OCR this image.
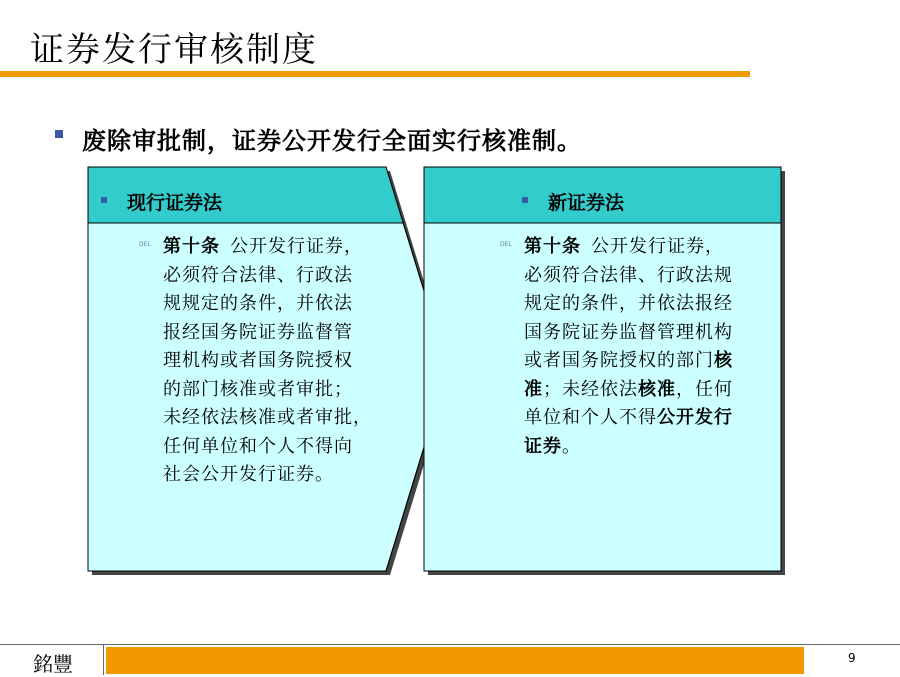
证券发行审核制度
废除审批制，证券公开发行全面实行核准制。
现行证券法
DEL 第十条  公开发行证券，
必须符合法律、行政法
规规定的条件，并依法
报经国务院证券监督管
理机构或者国务院授权
的部门核准或者审批；
未经依法核准或者审批，
任何单位和个人不得向
社会公开发行证券。
新证券法
DEL 第十条  公开发行证券，
必须符合法律、行政法规
规定的条件，并依法报经
国务院证券监督管理机构
或者国务院授权的部门核
准；未经依法核准，任何
单位和个人不得公开发行
证券。
銘豐	9
